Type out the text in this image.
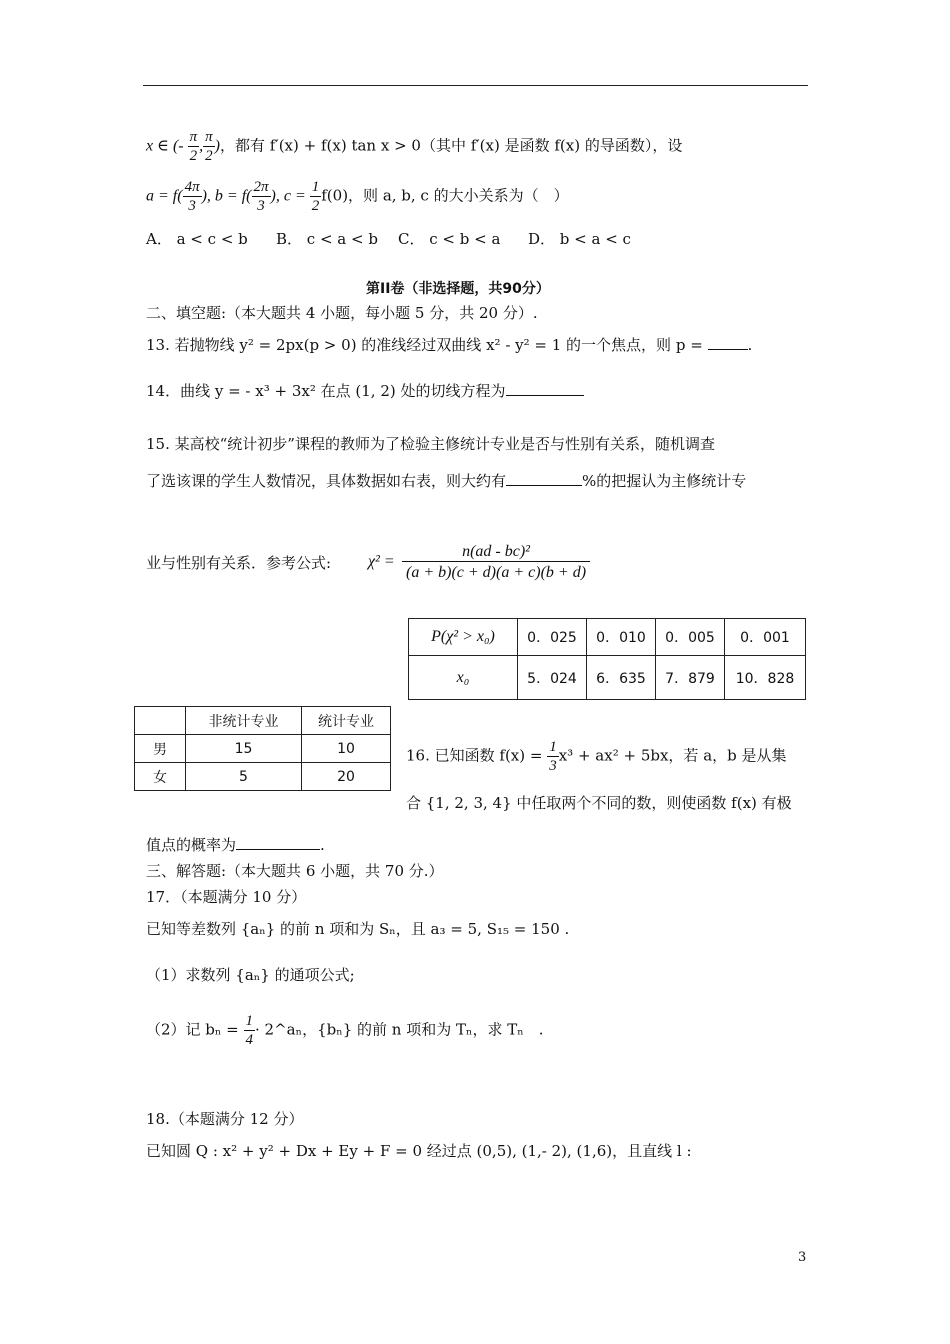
x ∈ (- $\frac{\pi}{2}$ , $\frac{\pi}{2}$ )，都有 f′(x) + f(x) tan x > 0（其中 f′(x) 是函数 f(x) 的导函数），设
$a = f( \frac{4\pi}{3}$ ), $b = f( \frac{2\pi}{3}$ ), $c = \frac{1}{2} f(0)$，则 a, b, c 的大小关系为（　）
A． a < c < b B． c < a < b C． c < b < a D． b < a < c
第II卷（非选择题，共90分）
二、填空题:（本大题共 4 小题，每小题 5 分，共 20 分）.
13. 若抛物线 y² = 2px(p > 0) 的准线经过双曲线 x² - y² = 1 的一个焦点，则 p =	.
14．曲线 y = - x³ + 3x² 在点 (1, 2) 处的切线方程为
15. 某高校“统计初步”课程的教师为了检验主修统计专业是否与性别有关系，随机调查
了选该课的学生人数情况，具体数据如右表，则大约有	%的把握认为主修统计专
业与性别有关系．参考公式: $\chi^2 = \frac{\text{n(ad - bc)²}}{(a + b)(c + d)(a + c)(b + d)}$
P(χ² > x₀)	0．025	0．010	0．005	0．001
x₀	5．024	6．635	7．879	10．828
	非统计专业	统计专业
男	15	10
女	5	20
16. 已知函数 $f(x) = \frac{1}{3} x^3 + ax^2 + 5bx$，若 a，b 是从集
合 {1, 2, 3, 4} 中任取两个不同的数，则使函数 f(x) 有极
值点的概率为	.
三、解答题:（本大题共 6 小题，共 70 分.）
17．（本题满分 10 分）
已知等差数列 {aₙ} 的前 n 项和为 Sₙ，且 a₃ = 5, S₁₅ = 150 .
（1）求数列 {aₙ} 的通项公式;
（2）记 $b_n = \frac{1}{4}$ · 2^aₙ，{bₙ} 的前 n 项和为 Tₙ，求 Tₙ　.
18.（本题满分 12 分）
已知圆 Q : x² + y² + Dx + Ey + F = 0 经过点 (0,5), (1,- 2), (1,6)，且直线 l :
3
